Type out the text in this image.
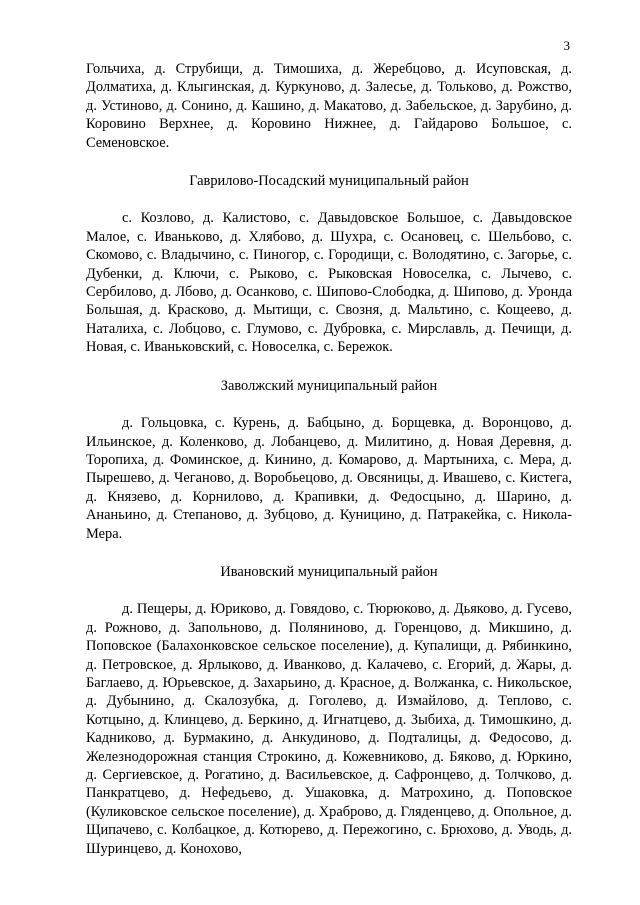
3

Гольчиха, д. Струбищи, д. Тимошиха, д. Жеребцово, д. Исуповская, д. Долматиха, д. Клыгинская, д. Куркуново, д. Залесье, д. Тольково, д. Рожство, д. Устиново, д. Сонино, д. Кашино, д. Макатово, д. Забельское, д. Зарубино, д. Коровино Верхнее, д. Коровино Нижнее, д. Гайдарово Большое, с. Семеновское.

Гаврилово-Посадский муниципальный район

с. Козлово, д. Калистово, с. Давыдовское Большое, с. Давыдовское Малое, с. Иваньково, д. Хлябово, д. Шухра, с. Осановец, с. Шельбово, с. Скомово, с. Владычино, с. Пиногор, с. Городищи, с. Володятино, с. Загорье, с. Дубенки, д. Ключи, с. Рыково, с. Рыковская Новоселка, с. Лычево, с. Сербилово, д. Лбово, д. Осанково, с. Шипово-Слободка, д. Шипово, д. Уронда Большая, д. Красково, д. Мытищи, с. Свозня, д. Мальтино, с. Кощеево, д. Наталиха, с. Лобцово, с. Глумово, с. Дубровка, с. Мирславль, д. Печищи, д. Новая, с. Иваньковский, с. Новоселка, с. Бережок.

Заволжский муниципальный район

д. Гольцовка, с. Курень, д. Бабцыно, д. Борщевка, д. Воронцово, д. Ильинское, д. Коленково, д. Лобанцево, д. Милитино, д. Новая Деревня, д. Торопиха, д. Фоминское, д. Кинино, д. Комарово, д. Мартыниха, с. Мера, д. Пырешево, д. Чеганово, д. Воробьецово, д. Овсяницы, д. Ивашево, с. Кистега, д. Князево, д. Корнилово, д. Крапивки, д. Федосцыно, д. Шарино, д. Ананьино, д. Степаново, д. Зубцово, д. Куницино, д. Патракейка, с. Никола-Мера.

Ивановский муниципальный район

д. Пещеры, д. Юриково, д. Говядово, с. Тюрюково, д. Дьяково, д. Гусево, д. Рожново, д. Запольново, д. Поляниново, д. Горенцово, д. Микшино, д. Поповское (Балахонковское сельское поселение), д. Купалищи, д. Рябинкино, д. Петровское, д. Ярлыково, д. Иванково, д. Калачево, с. Егорий, д. Жары, д. Баглаево, д. Юрьевское, д. Захарьино, д. Красное, д. Волжанка, с. Никольское, д. Дубынино, д. Скалозубка, д. Гоголево, д. Измайлово, д. Теплово, с. Котцыно, д. Клинцево, д. Беркино, д. Игнатцево, д. Зыбиха, д. Тимошкино, д. Кадниково, д. Бурмакино, д. Анкудиново, д. Подталицы, д. Федосово, д. Железнодорожная станция Строкино, д. Кожевниково, д. Бяково, д. Юркино, д. Сергиевское, д. Рогатино, д. Васильевское, д. Сафронцево, д. Толчково, д. Панкратцево, д. Нефедьево, д. Ушаковка, д. Матрохино, д. Поповское (Куликовское сельское поселение), д. Храброво, д. Гляденцево, д. Опольное, д. Щипачево, с. Колбацкое, д. Котюрево, д. Пережогино, с. Брюхово, д. Уводь, д. Шуринцево, д. Конохово,
